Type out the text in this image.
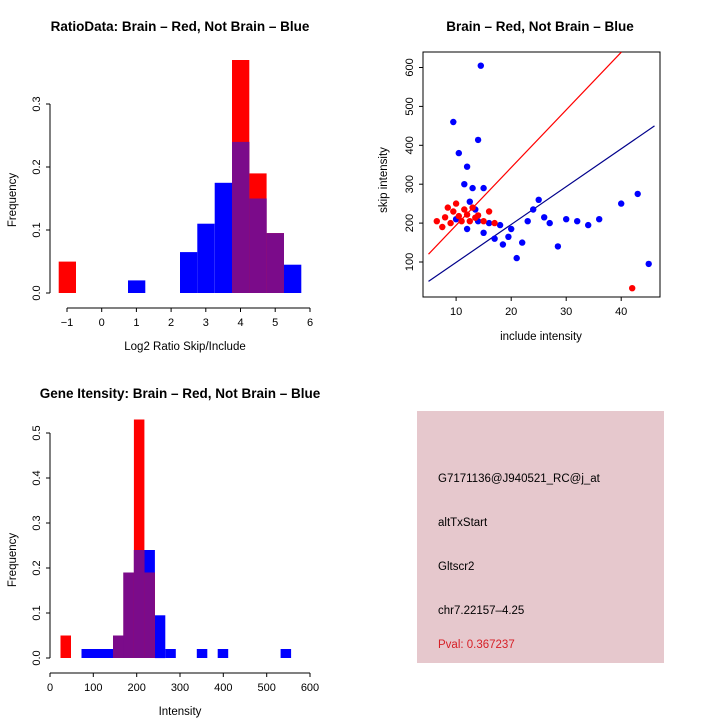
RatioData: Brain – Red, Not Brain – Blue
0.0
0.1
0.2
0.3
Frequency
−1 0	1	2	3	4	5	6
Log2 Ratio Skip/Include
Brain – Red, Not Brain – Blue
100
200
300
400
500
600
skip intensity
10	20	30	40
include intensity
Gene Itensity: Brain – Red, Not Brain – Blue
0.0
0.1
0.2
0.3
0.4
0.5
Frequency
0	100 200 300 400 500 600
Intensity
G7171136@J940521_RC@j_at
altTxStart
Gltscr2
chr7.22157–4.25
Pval: 0.367237
